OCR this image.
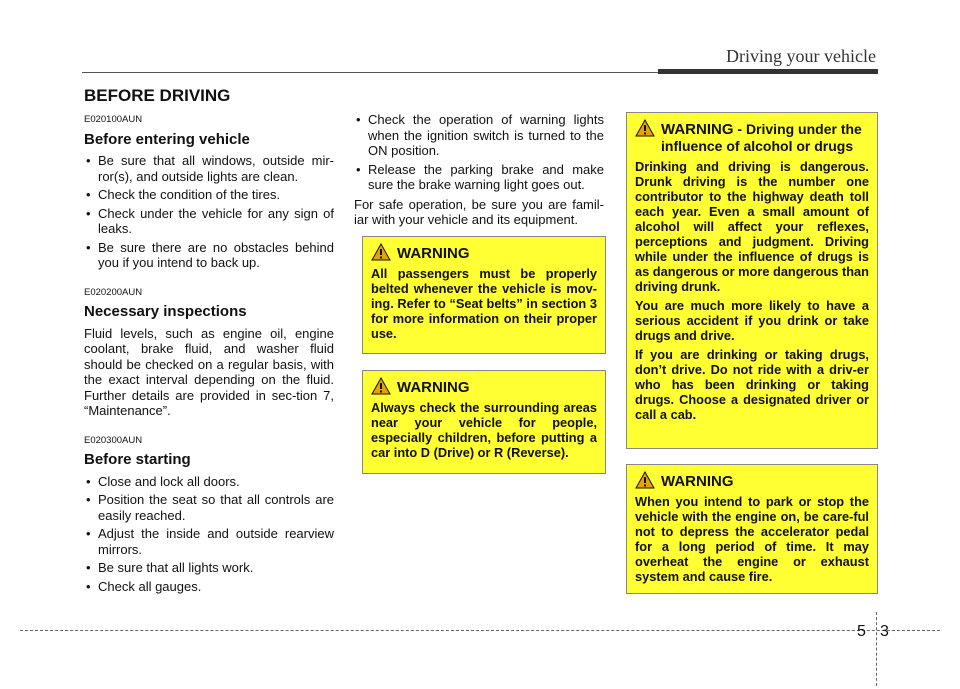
Driving your vehicle
BEFORE DRIVING
E020100AUN
Before entering vehicle
• Be sure that all windows, outside mir-ror(s), and outside lights are clean.
• Check the condition of the tires.
• Check under the vehicle for any sign of leaks.
• Be sure there are no obstacles behind you if you intend to back up.
E020200AUN
Necessary inspections

Fluid levels, such as engine oil, engine coolant, brake fluid, and washer fluid should be checked on a regular basis, with the exact interval depending on the fluid. Further details are provided in sec-tion 7, “Maintenance”.

E020300AUN
Before starting
• Close and lock all doors.
• Position the seat so that all controls are easily reached.
• Adjust the inside and outside rearview mirrors.
• Be sure that all lights work.
• Check all gauges.
• Check the operation of warning lights when the ignition switch is turned to the ON position.
• Release the parking brake and make sure the brake warning light goes out.

For safe operation, be sure you are famil-iar with your vehicle and its equipment.

WARNING

All passengers must be properly belted whenever the vehicle is mov-ing. Refer to “Seat belts” in section 3 for more information on their proper use.

WARNING

Always check the surrounding areas near your vehicle for people, especially children, before putting a car into D (Drive) or R (Reverse).

WARNING - Driving under the influence of alcohol or drugs

Drinking and driving is dangerous. Drunk driving is the number one contributor to the highway death toll each year. Even a small amount of alcohol will affect your reflexes, perceptions and judgment. Driving while under the influence of drugs is as dangerous or more dangerous than driving drunk.

You are much more likely to have a serious accident if you drink or take drugs and drive.

If you are drinking or taking drugs, don’t drive. Do not ride with a driv-er who has been drinking or taking drugs. Choose a designated driver or call a cab.

WARNING

When you intend to park or stop the vehicle with the engine on, be care-ful not to depress the accelerator pedal for a long period of time. It may overheat the engine or exhaust system and cause fire.

5 3
